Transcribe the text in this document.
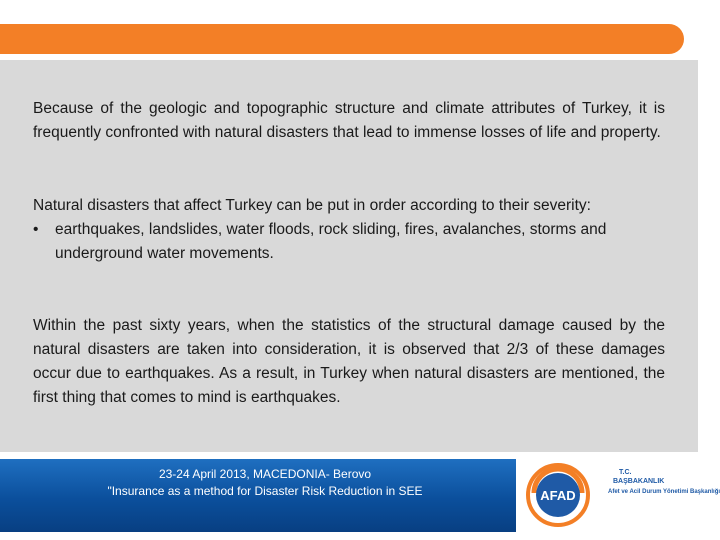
Because of the geologic and topographic structure and climate attributes of Turkey, it is frequently confronted with natural disasters that lead to immense losses of life and property.
Natural disasters that affect Turkey can be put in order according to their severity:
•	earthquakes, landslides, water floods, rock sliding, fires, avalanches, storms and underground water movements.
Within the past sixty years, when the statistics of the structural damage caused by the natural disasters are taken into consideration, it is observed that 2/3 of these damages occur due to earthquakes. As a result, in Turkey when natural disasters are mentioned, the first thing that comes to mind is earthquakes.
23-24 April 2013, MACEDONIA- Berovo
"Insurance as a method for Disaster Risk Reduction in SEE	AFAD
T.C.
BAŞBAKANLIK
Afet ve Acil Durum Yönetimi Başkanlığı
